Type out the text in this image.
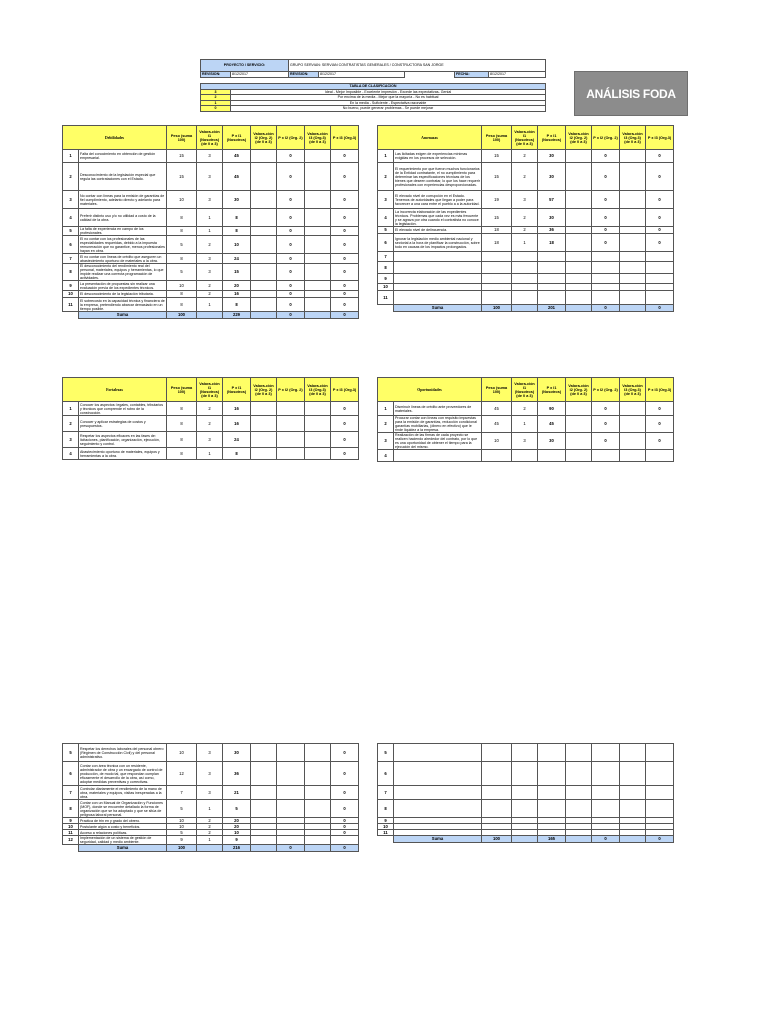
PROYECTO / SERVICIO:	GRUPO SERVIAN: SERVIAN CONTRATISTAS GENERALES / CONSTRUCTORA SAN JORGE
REVISION:	8/12/2017	REVISION:	8/12/2017		FECHA:	8/12/2017
TABLA DE CLASIFICACION	
3	Ideal - Mejor Imposible - Excelente impresión - Excede las expectativas- Genial
2	Por encima de la media - Mejor que la mayoría - No es habitual
1	En la media - Suficiente - Espectativa razonable
0	No bueno, puede generar problemas - Se puede mejorar
ANÁLISIS FODA
Debilidades		Peso (suma 100)	Valora-ción I1 (Nosotros) (de 0 a 3)	P x I1 (Nosotros)	Valora-ción I2 (Org. 2) (de 0 a 3)	P x I2 (Org. 2)	Valora-ción I3 (Org.3) (de 0 a 3)	P x I3 (Org.3)
1	Falta del conocimiento en obtención de gestión empresarial.	15	3	45		0		0
2	Desconocimiento de la legislación especial que regula las contrataciones con el Estado.	15	3	45		0		0
3	No contar con líneas para la emisión de garantías de fiel cumplimiento, adelanto directo y adelanto para materiales.	10	3	30		0		0
4	Preferir distinto uso y/o no utilidad a costo de la calidad de la obra.	8	1	8		0		0
5	La falta de experiencia en campo de los profesionales.	8	1	8		0		0
6	El no contar con los profesionales de las especialidades requeridas, debido a la impuesta remuneración que no garantice, menos profesionales hayan en obra.	5	2	10		0		0
7	El no contar con líneas de crédito que aseguren un abastecimiento oportuno de materiales a la obra.	8	3	24		0		0
8	El desconocimiento del rendimiento real del personal, materiales, equipos y herramientas, lo que impide realizar una correcta programación de actividades.	5	3	15		0		0
9	La presentación de propuestas sin realizar una evaluación previa de los expedientes técnicos.	10	2	20		0		0
10	El desconocimiento de la legislación tributaria.	8	2	16		0		0
11	El sobrecosto en la capacidad técnica y financiera de la empresa, pretendiendo abarcar demasiado en un tiempo posible.	8	1	8		0		0
	Suma	100		229		0		0
Amenazas		Peso (suma 100)	Valora-ción I1 (Nosotros) (de 0 a 3)	P x I1 (Nosotros)	Valora-ción I2 (Org. 2) (de 0 a 3)	P x I2 (Org. 2)	Valora-ción I3 (Org.3) (de 0 a 3)	P x I3 (Org.3)
1	Las licitadas exigen de experiencias mínimas exigidas en los procesos de selección.	15	2	30		0		0
2	El requerimiento por que fueron muchos funcionarios de la Entidad contratante, el no cumplimiento para determinar las especificaciones técnicas de los bienes que deseen contratar, lo que los hace requerir profesionales con experiencias desproporcionadas.	15	2	30		0		0
3	El elevado nivel de corrupción en el Estado. Tenemos de autoridades que llegan a poder para favorecer a una cara entre el pueblo a a la autoridad.	19	3	57		0		0
4	La incorrecta elaboración de las expedientes técnicos. Problemas que cada vez es más frecuente y se agrava por otra cuando el contratista no conoce la legislación.	15	2	30		0		0
5	El elevado nivel de delincuencia.	18	2	36		0		0
6	Ignorar la legislación medio ambiental nacional y sectorial a la hora de planificar la construcción, sobre todo en causas de los impactos prolongados.	18	1	18		0		0
7								
8								
9								
10								
11								
	Suma	100		201		0		0
Fortalezas		Peso (suma 100)	Valora-ción I1 (Nosotros) (de 0 a 3)	P x I1 (Nosotros)	Valora-ción I2 (Org. 2) (de 0 a 3)	P x I2 (Org. 2)	Valora-ción I3 (Org.3) (de 0 a 3)	P x I3 (Org.3)
1	Conocer los aspectos: legales, contables, tributarios y técnicos que comprende el rubro de la construcción.	8	2	16				0
2	Conocer y aplicar estrategias de costos y presupuestos.	8	2	16				0
3	Respetar los aspectos eficaces en las fases de: licitaciones, planificación, organización, ejecución, seguimiento y control.	8	3	24				0
4	Abastecimiento oportuno de materiales, equipos y herramientas a la obra.	8	1	8				0
Oportunidades		Peso (suma 100)	Valora-ción I1 (Nosotros) (de 0 a 3)	P x I1 (Nosotros)	Valora-ción I2 (Org. 2) (de 0 a 3)	P x I2 (Org. 2)	Valora-ción I3 (Org.3) (de 0 a 3)	P x I3 (Org.3)
1	Disminuir líneas de crédito ante proveedores de materiales.	45	2	90		0		0
2	Procurar contar con líneas con requisito impuestas para la emisión de garantías, reducción condicional garantías mobiliarias, (dinero en efectivo) que le rinde liquidez a la empresa.	45	1	45		0		0
3	Realización de las firmas de cada proyecto se realicen haciendo alrededor del contrato, por lo que es una oportunidad de obtener el tiempo para la ejecución del mismo.	10	3	30		0		0
4								
5	Respetar los derechos laborales del personal obrero (Régimen de Construcción Civil) y del personal administrativo.	10	3	30				0
6	Contar con área técnica con un residente, administrador de obra y un encargado de control de producción, de modo tal, que respondan cumplan eficazmente el desarrollo de la obra, así como, adoptar medidas preventivas y correctivas.	12	3	36				0
7	Controlar diariamente el rendimiento de la mano de obra, materiales y equipos, visitas inesperadas a la obra.	7	3	21				0
8	Contar con un Manual de Organización y Funciones (MOF), donde se encuentre detallado la forma de organización que se ha adoptado y que se sitúa de peligrosa laboral personal.	5	1	5				0
9	Practica de trin en y grado del obrero.	10	2	20				0
10	Postulante algún a costo y beneficios.	10	2	20				0
11	Acceso a relaciones políticas.	5	2	10				0
12	Implementación de un sistema de gestión de seguridad, calidad y medio ambiente.	9	1	9				
	Suma	100		216		0		0
5								
6								
7								
8								
9								
10								
11								
	Suma	100		165		0		0
